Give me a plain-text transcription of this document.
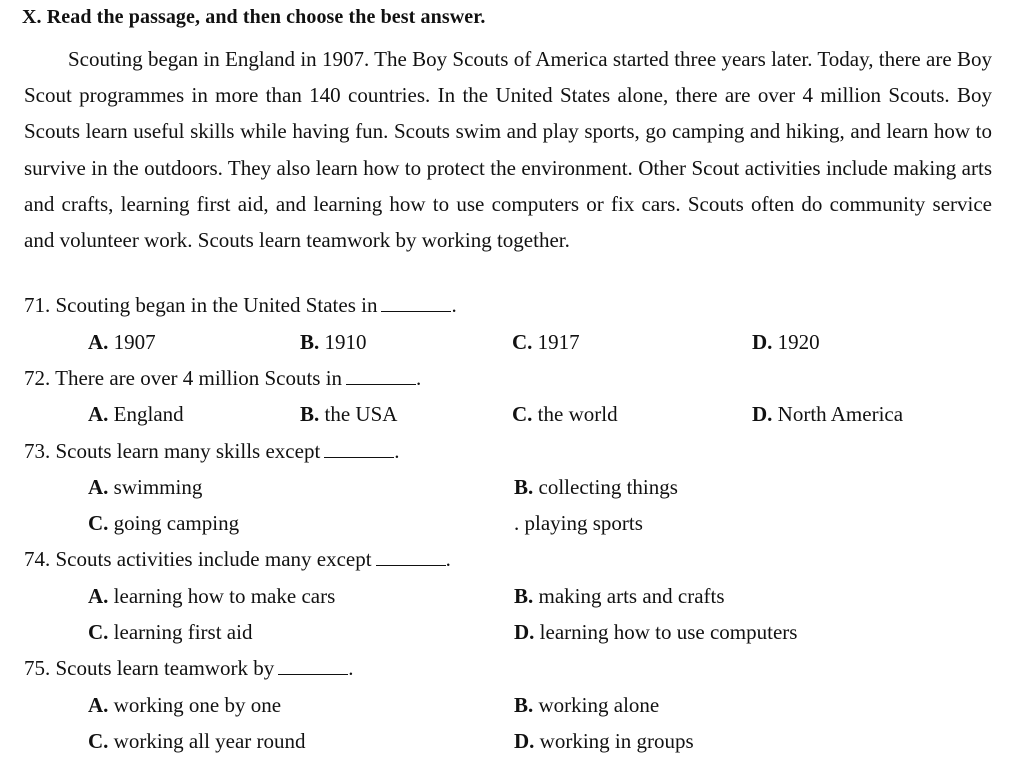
X. Read the passage, and then choose the best answer.

Scouting began in England in 1907. The Boy Scouts of America started three years later. Today, there are Boy Scout programmes in more than 140 countries. In the United States alone, there are over 4 million Scouts. Boy Scouts learn useful skills while having fun. Scouts swim and play sports, go camping and hiking, and learn how to survive in the outdoors. They also learn how to protect the environment. Other Scout activities include making arts and crafts, learning first aid, and learning how to use computers or fix cars. Scouts often do community service and volunteer work. Scouts learn teamwork by working together.

71. Scouting began in the United States in	.
A. 1907	B. 1910	C. 1917	D. 1920
72. There are over 4 million Scouts in	.
A. England	B. the USA	C. the world	D. North America
73. Scouts learn many skills except	.
A. swimming	B. collecting things
C. going camping	. playing sports
74. Scouts activities include many except	.
A. learning how to make cars	B. making arts and crafts
C. learning first aid	D. learning how to use computers
75. Scouts learn teamwork by	.
A. working one by one	B. working alone
C. working all year round	D. working in groups
